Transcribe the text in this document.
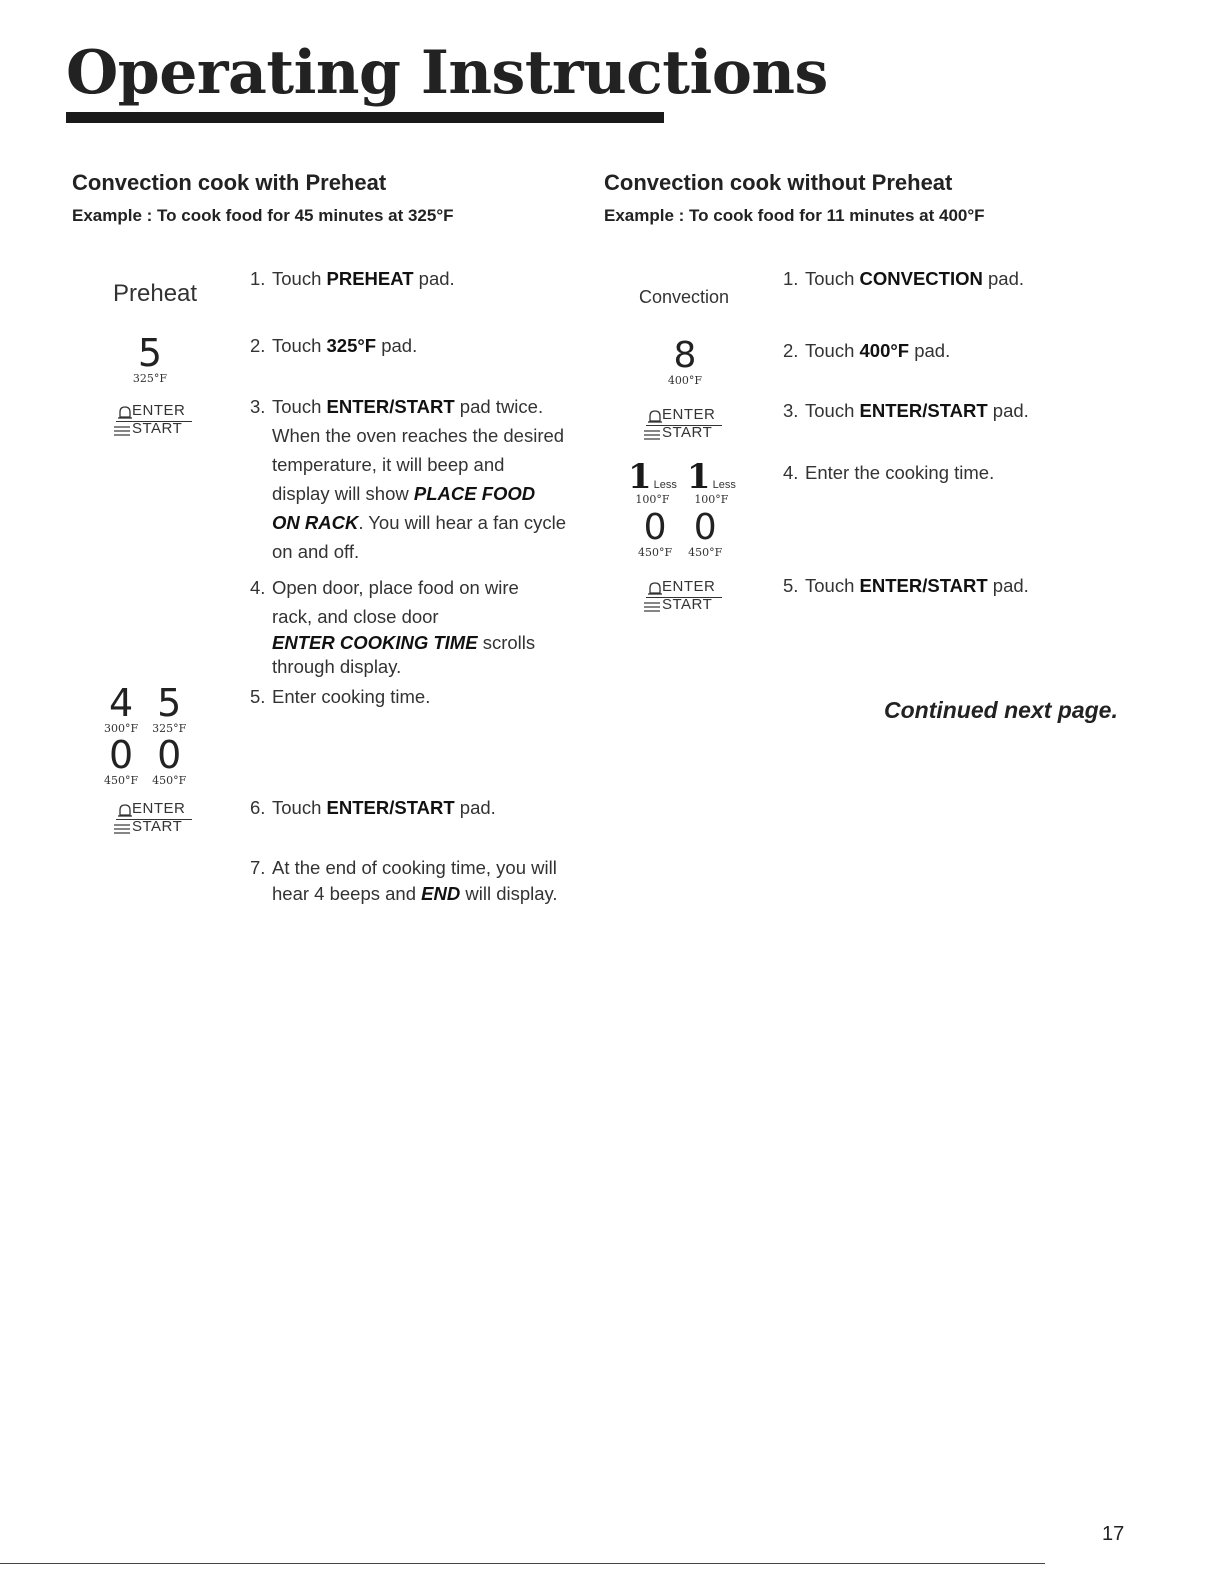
Operating Instructions
Convection cook with Preheat
Example : To cook food for 45 minutes at 325°F
Convection cook without Preheat
Example : To cook food for 11 minutes at 400°F
Preheat
5
325°F
ENTER
START
4
300°F
5
325°F
0
450°F
0
450°F
ENTER
START
1. Touch PREHEAT pad.
2. Touch 325°F pad.
3. Touch ENTER/START pad twice.
When the oven reaches the desired
temperature, it will beep and
display will show PLACE FOOD
ON RACK. You will hear a fan cycle
on and off.
4. Open door, place food on wire
rack, and close door
ENTER COOKING TIME scrolls
through display.
5. Enter cooking time.
6. Touch ENTER/START pad.
7. At the end of cooking time, you will
hear 4 beeps and END will display.
Convection
8
400°F
ENTER
START
1 Less
100°F
1 Less
100°F
0
450°F
0
450°F
ENTER
START
1. Touch CONVECTION pad.
2. Touch 400°F pad.
3. Touch ENTER/START pad.
4. Enter the cooking time.
5. Touch ENTER/START pad.
Continued next page.
17
